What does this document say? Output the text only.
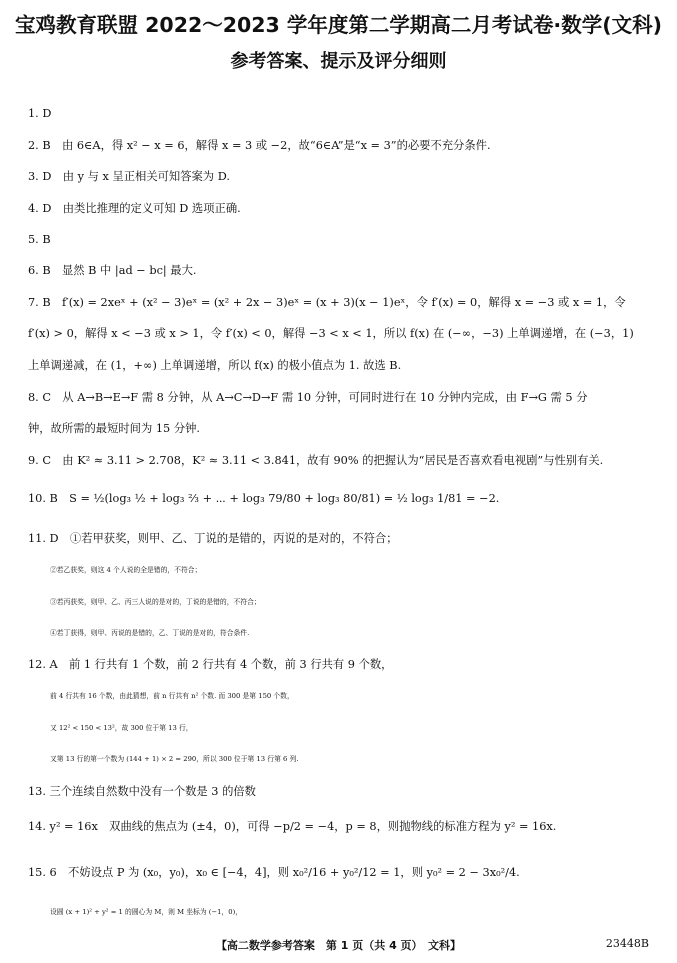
宝鸡教育联盟 2022～2023 学年度第二学期高二月考试卷·数学(文科)
参考答案、提示及评分细则
1. D
2. B　由 6∈A，得 x² − x = 6，解得 x = 3 或 −2，故“6∈A”是“x = 3”的必要不充分条件.
3. D　由 y 与 x 呈正相关可知答案为 D.
4. D　由类比推理的定义可知 D 选项正确.
5. B
6. B　显然 B 中 |ad − bc| 最大.
7. B　f′(x) = 2xeˣ + (x² − 3)eˣ = (x² + 2x − 3)eˣ = (x + 3)(x − 1)eˣ，令 f′(x) = 0，解得 x = −3 或 x = 1，令
f′(x) > 0，解得 x < −3 或 x > 1，令 f′(x) < 0，解得 −3 < x < 1，所以 f(x) 在 (−∞，−3) 上单调递增，在 (−3，1)
上单调递减，在 (1，+∞) 上单调递增，所以 f(x) 的极小值点为 1. 故选 B.
8. C　从 A→B→E→F 需 8 分钟，从 A→C→D→F 需 10 分钟，可同时进行在 10 分钟内完成，由 F→G 需 5 分
钟，故所需的最短时间为 15 分钟.
9. C　由 K² ≈ 3.11 > 2.708，K² ≈ 3.11 < 3.841，故有 90% 的把握认为“居民是否喜欢看电视剧”与性别有关.
10. B　S = ½(log₃ ½ + log₃ ⅔ + ⋯ + log₃ 79/80 + log₃ 80/81) = ½ log₃ 1/81 = −2.
11. D　①若甲获奖，则甲、乙、丁说的是错的，丙说的是对的，不符合；
②若乙获奖，则这 4 个人说的全是错的，不符合；
③若丙获奖，则甲、乙、丙三人说的是对的，丁说的是错的，不符合；
④若丁获得，则甲、丙说的是错的，乙、丁说的是对的，符合条件.
12. A　前 1 行共有 1 个数，前 2 行共有 4 个数，前 3 行共有 9 个数，
前 4 行共有 16 个数，由此猜想，前 n 行共有 n² 个数. 而 300 是第 150 个数，
又 12² < 150 < 13²，故 300 位于第 13 行，
又第 13 行的第一个数为 (144 + 1) × 2 = 290，所以 300 位于第 13 行第 6 列.
13. 三个连续自然数中没有一个数是 3 的倍数
14. y² = 16x　双曲线的焦点为 (±4，0)，可得 −p/2 = −4，p = 8，则抛物线的标准方程为 y² = 16x.
15. 6　不妨设点 P 为 (x₀，y₀)，x₀ ∈ [−4，4]，则 x₀²/16 + y₀²/12 = 1，则 y₀² = 2 − 3x₀²/4.
设圆 (x + 1)² + y² = 1 的圆心为 M，则 M 坐标为 (−1，0)，
【高二数学参考答案　第 1 页（共 4 页）　文科】	23448B
